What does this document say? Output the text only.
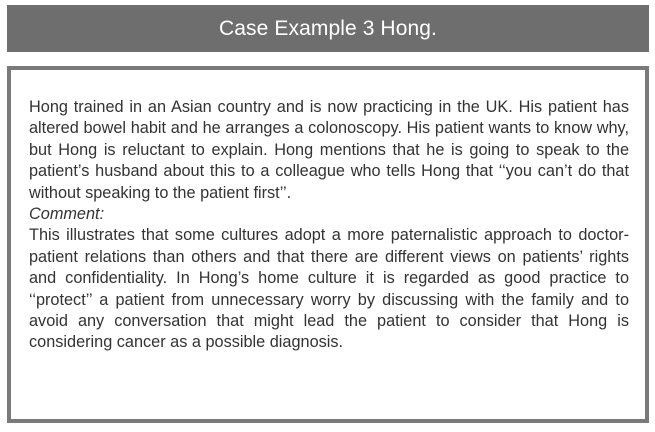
Case Example 3 Hong.

Hong trained in an Asian country and is now practicing in the UK. His patient has altered bowel habit and he arranges a colonoscopy. His patient wants to know why, but Hong is reluctant to explain. Hong mentions that he is going to speak to the patient’s husband about this to a colleague who tells Hong that ‘‘you can’t do that without speaking to the patient first’’.

Comment:

This illustrates that some cultures adopt a more paternalistic approach to doctor-patient relations than others and that there are different views on patients’ rights and confidentiality. In Hong’s home culture it is regarded as good practice to ‘‘protect’’ a patient from unnecessary worry by discussing with the family and to avoid any conversation that might lead the patient to consider that Hong is considering cancer as a possible diagnosis.
